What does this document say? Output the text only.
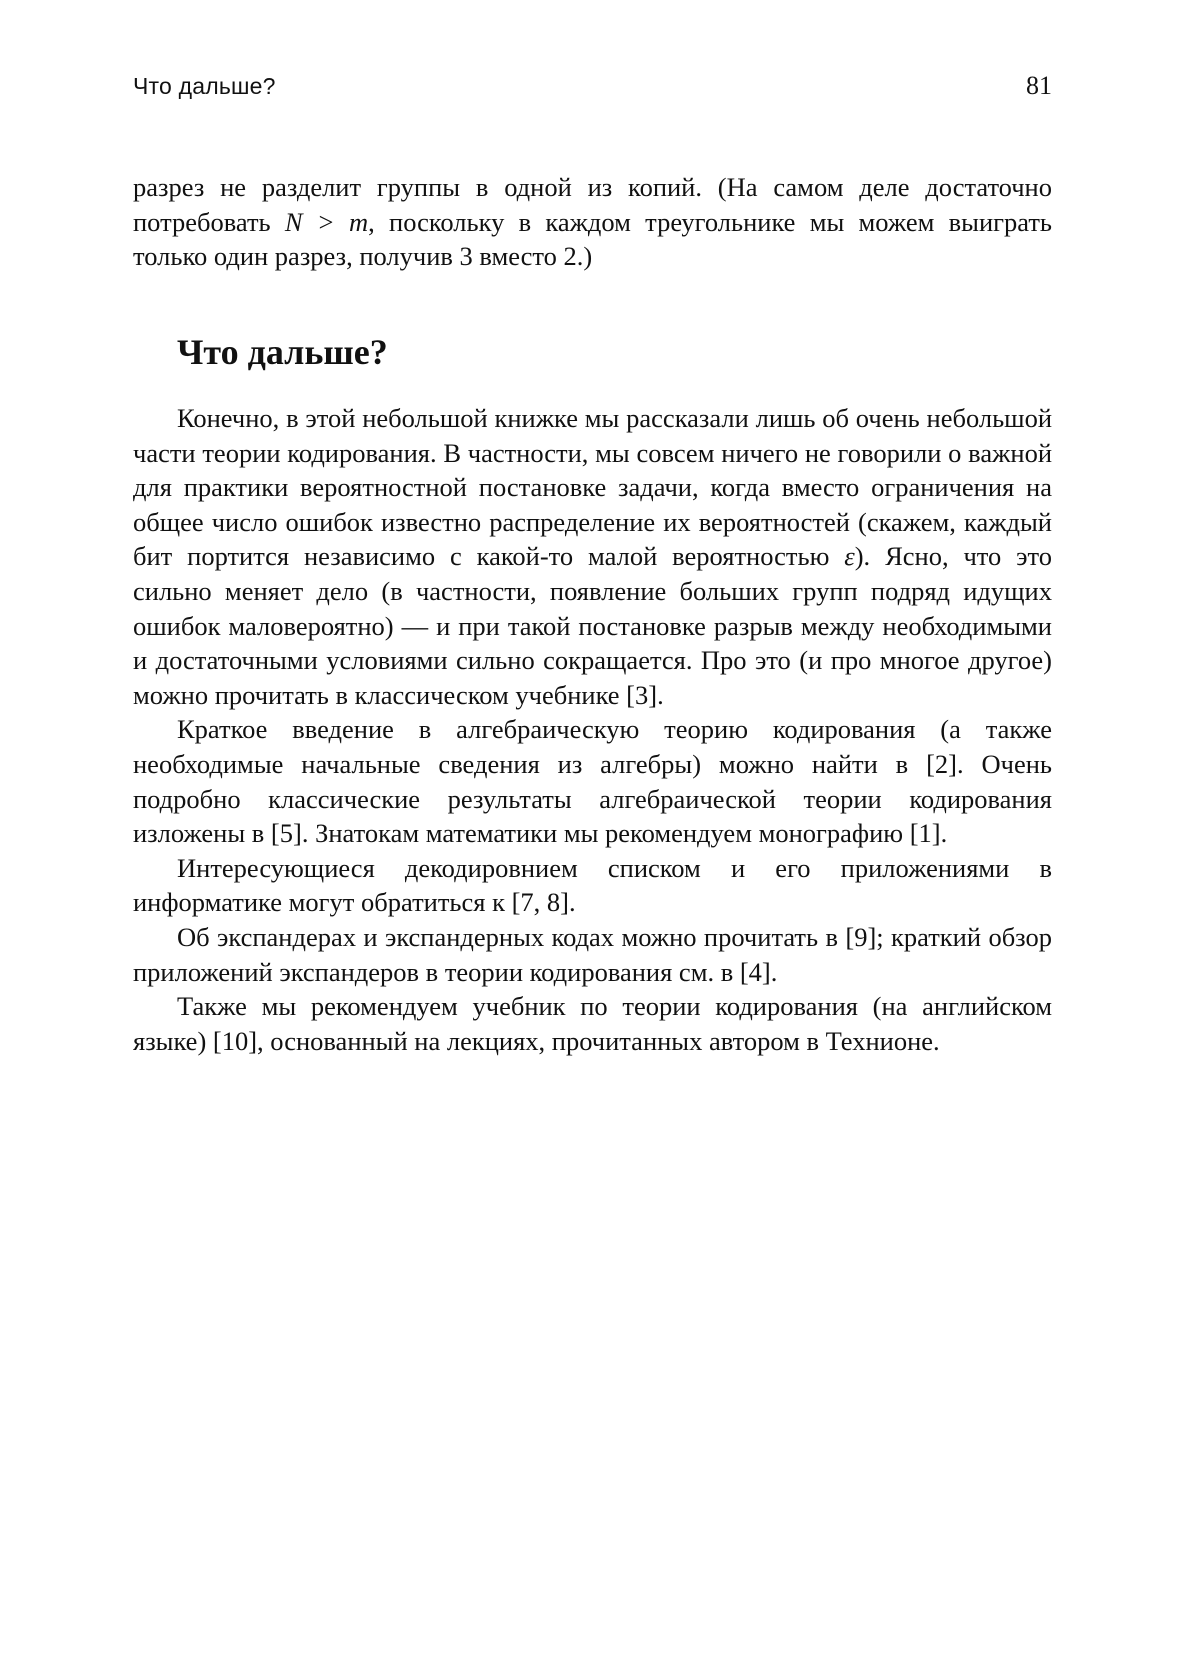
Что дальше?	81

разрез не разделит группы в одной из копий. (На самом деле достаточно потребовать N > m, поскольку в каждом треугольнике мы можем выиграть только один разрез, получив 3 вместо 2.)

Что дальше?

Конечно, в этой небольшой книжке мы рассказали лишь об очень небольшой части теории кодирования. В частности, мы совсем ничего не говорили о важной для практики вероятностной постановке задачи, когда вместо ограничения на общее число ошибок известно распределение их вероятностей (скажем, каждый бит портится независимо с какой-то малой вероятностью ε). Ясно, что это сильно меняет дело (в частности, появление больших групп подряд идущих ошибок маловероятно) — и при такой постановке разрыв между необходимыми и достаточными условиями сильно сокращается. Про это (и про многое другое) можно прочитать в классическом учебнике [3].

Краткое введение в алгебраическую теорию кодирования (а также необходимые начальные сведения из алгебры) можно найти в [2]. Очень подробно классические результаты алгебраической теории кодирования изложены в [5]. Знатокам математики мы рекомендуем монографию [1].

Интересующиеся декодировнием списком и его приложениями в информатике могут обратиться к [7, 8].

Об экспандерах и экспандерных кодах можно прочитать в [9]; краткий обзор приложений экспандеров в теории кодирования см. в [4].

Также мы рекомендуем учебник по теории кодирования (на английском языке) [10], основанный на лекциях, прочитанных автором в Технионе.
